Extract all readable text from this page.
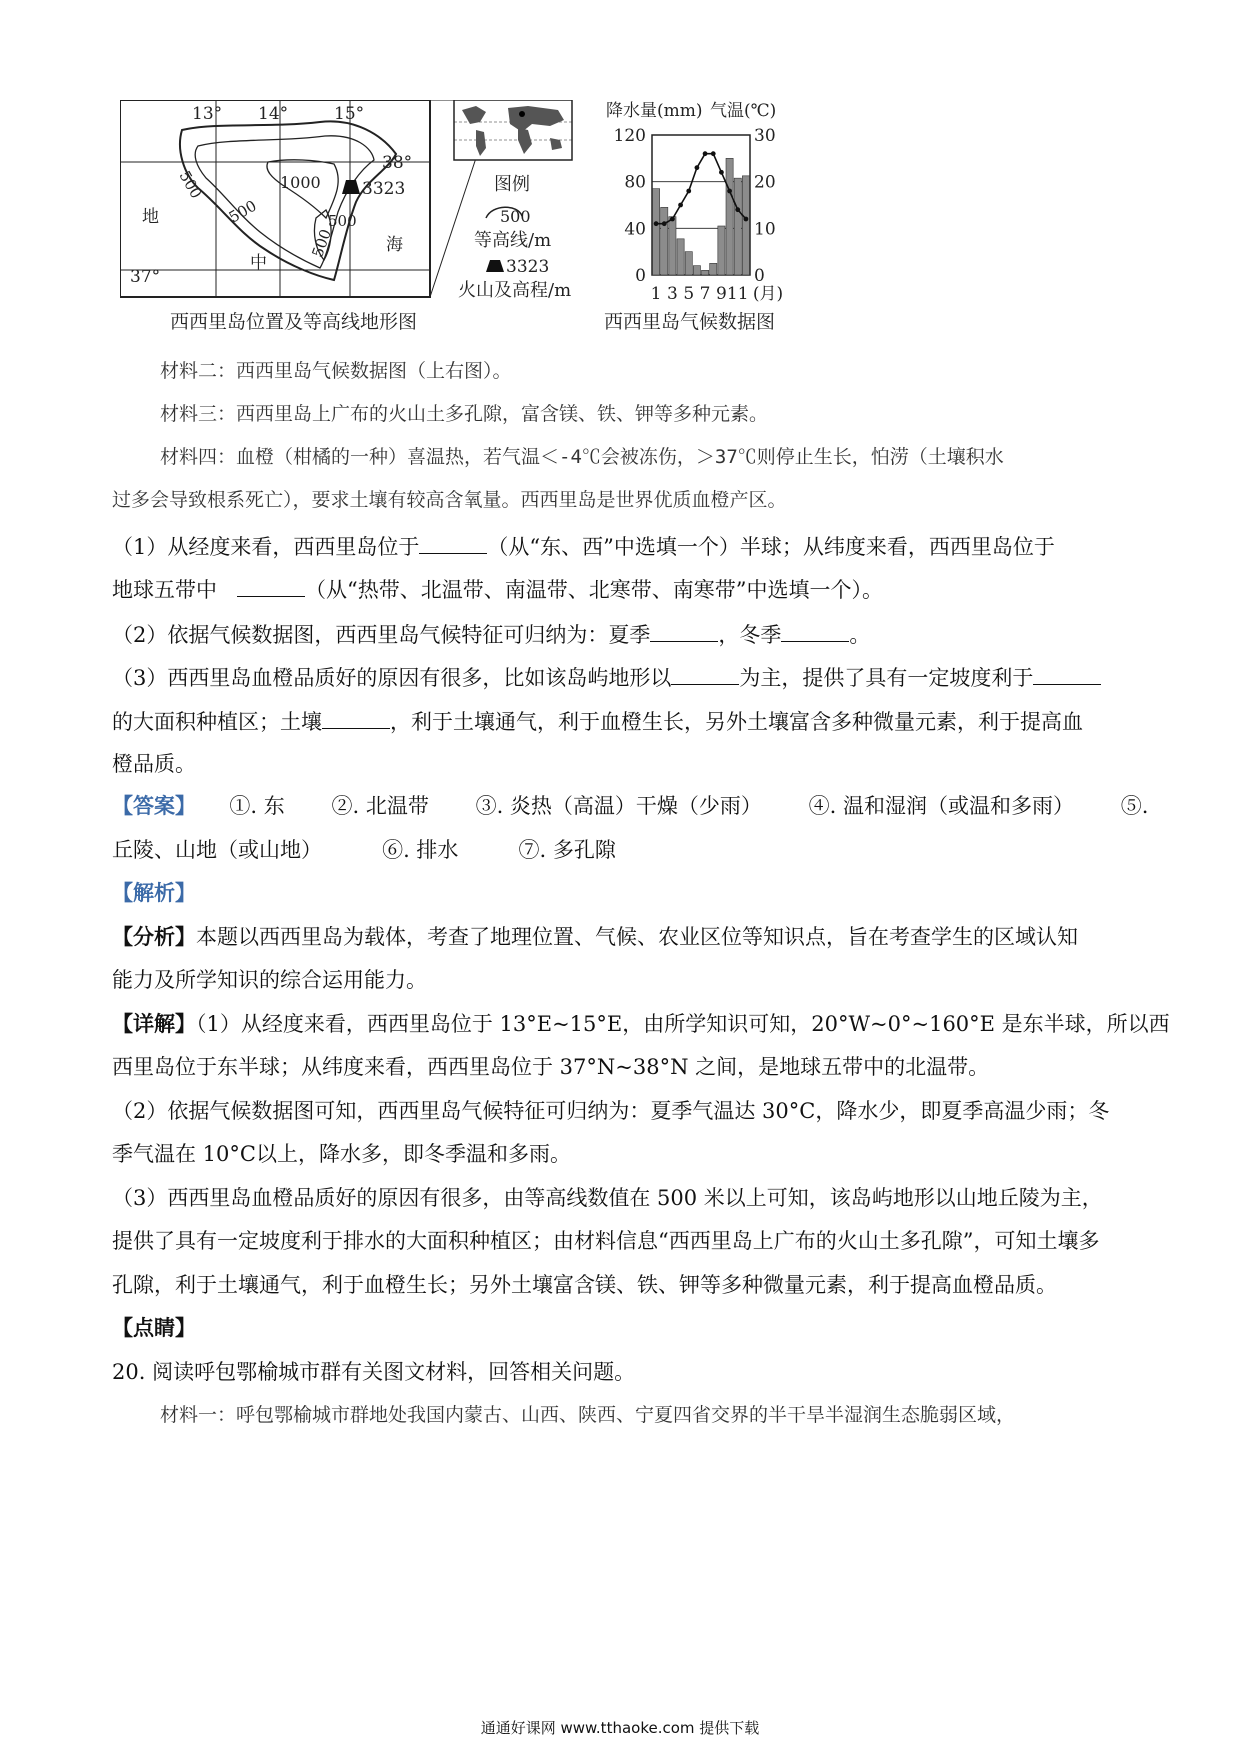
13° 14°	15°
38°
37°
500
500
1000
500
500
3323
地
中
海
西西里岛位置及等高线地形图
图例
500
等高线/m
3323
火山及高程/m
降水量(mm) 气温(℃)
西西里岛气候数据图
120
80
40
0
30
20
10
0
1 3 5 7 9 11 (月)
材料二：西西里岛气候数据图（上右图）。
材料三：西西里岛上广布的火山土多孔隙，富含镁、铁、钾等多种元素。
材料四：血橙（柑橘的一种）喜温热，若气温＜-4℃会被冻伤，＞37℃则停止生长，怕涝（土壤积水
过多会导致根系死亡），要求土壤有较高含氧量。西西里岛是世界优质血橙产区。
（1）从经度来看，西西里岛位于	（从“东、西”中选填一个）半球；从纬度来看，西西里岛位于
地球五带中	（从“热带、北温带、南温带、北寒带、南寒带”中选填一个）。
（2）依据气候数据图，西西里岛气候特征可归纳为：夏季	，冬季	。
（3）西西里岛血橙品质好的原因有很多，比如该岛屿地形以	为主，提供了具有一定坡度利于
的大面积种植区；土壤	，利于土壤通气，利于血橙生长，另外土壤富含多种微量元素，利于提高血
橙品质。
【答案】 ①. 东 ②. 北温带 ③. 炎热（高温）干燥（少雨） ④. 温和湿润（或温和多雨） ⑤.
丘陵、山地（或山地）	⑥. 排水	⑦. 多孔隙
【解析】
【分析】本题以西西里岛为载体，考查了地理位置、气候、农业区位等知识点，旨在考查学生的区域认知
能力及所学知识的综合运用能力。
【详解】（1）从经度来看，西西里岛位于 13°E~15°E，由所学知识可知，20°W~0°~160°E 是东半球，所以西
西里岛位于东半球；从纬度来看，西西里岛位于 37°N~38°N 之间，是地球五带中的北温带。
（2）依据气候数据图可知，西西里岛气候特征可归纳为：夏季气温达 30°C，降水少，即夏季高温少雨；冬
季气温在 10°C以上，降水多，即冬季温和多雨。
（3）西西里岛血橙品质好的原因有很多，由等高线数值在 500 米以上可知，该岛屿地形以山地丘陵为主，
提供了具有一定坡度利于排水的大面积种植区；由材料信息“西西里岛上广布的火山土多孔隙”，可知土壤多
孔隙，利于土壤通气，利于血橙生长；另外土壤富含镁、铁、钾等多种微量元素，利于提高血橙品质。
【点睛】
20. 阅读呼包鄂榆城市群有关图文材料，回答相关问题。
材料一：呼包鄂榆城市群地处我国内蒙古、山西、陕西、宁夏四省交界的半干旱半湿润生态脆弱区域，
通通好课网 www.tthaoke.com 提供下载
